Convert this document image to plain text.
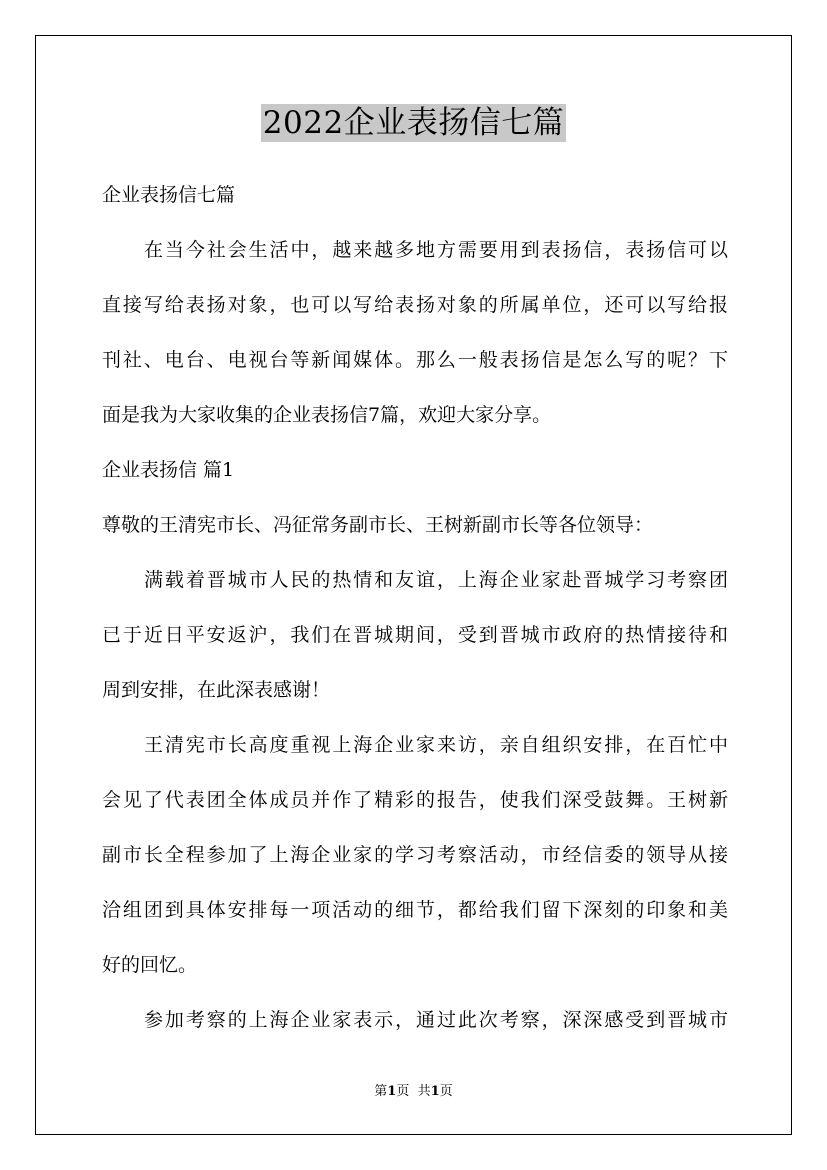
2022企业表扬信七篇
企业表扬信七篇
在当今社会生活中，越来越多地方需要用到表扬信，表扬信可以
直接写给表扬对象，也可以写给表扬对象的所属单位，还可以写给报
刊社、电台、电视台等新闻媒体。那么一般表扬信是怎么写的呢？下
面是我为大家收集的企业表扬信7篇，欢迎大家分享。
企业表扬信 篇1
尊敬的王清宪市长、冯征常务副市长、王树新副市长等各位领导：
满载着晋城市人民的热情和友谊，上海企业家赴晋城学习考察团
已于近日平安返沪，我们在晋城期间，受到晋城市政府的热情接待和
周到安排，在此深表感谢！
王清宪市长高度重视上海企业家来访，亲自组织安排，在百忙中
会见了代表团全体成员并作了精彩的报告，使我们深受鼓舞。王树新
副市长全程参加了上海企业家的学习考察活动，市经信委的领导从接
洽组团到具体安排每一项活动的细节，都给我们留下深刻的印象和美
好的回忆。
参加考察的上海企业家表示，通过此次考察，深深感受到晋城市
第1页 共1页
